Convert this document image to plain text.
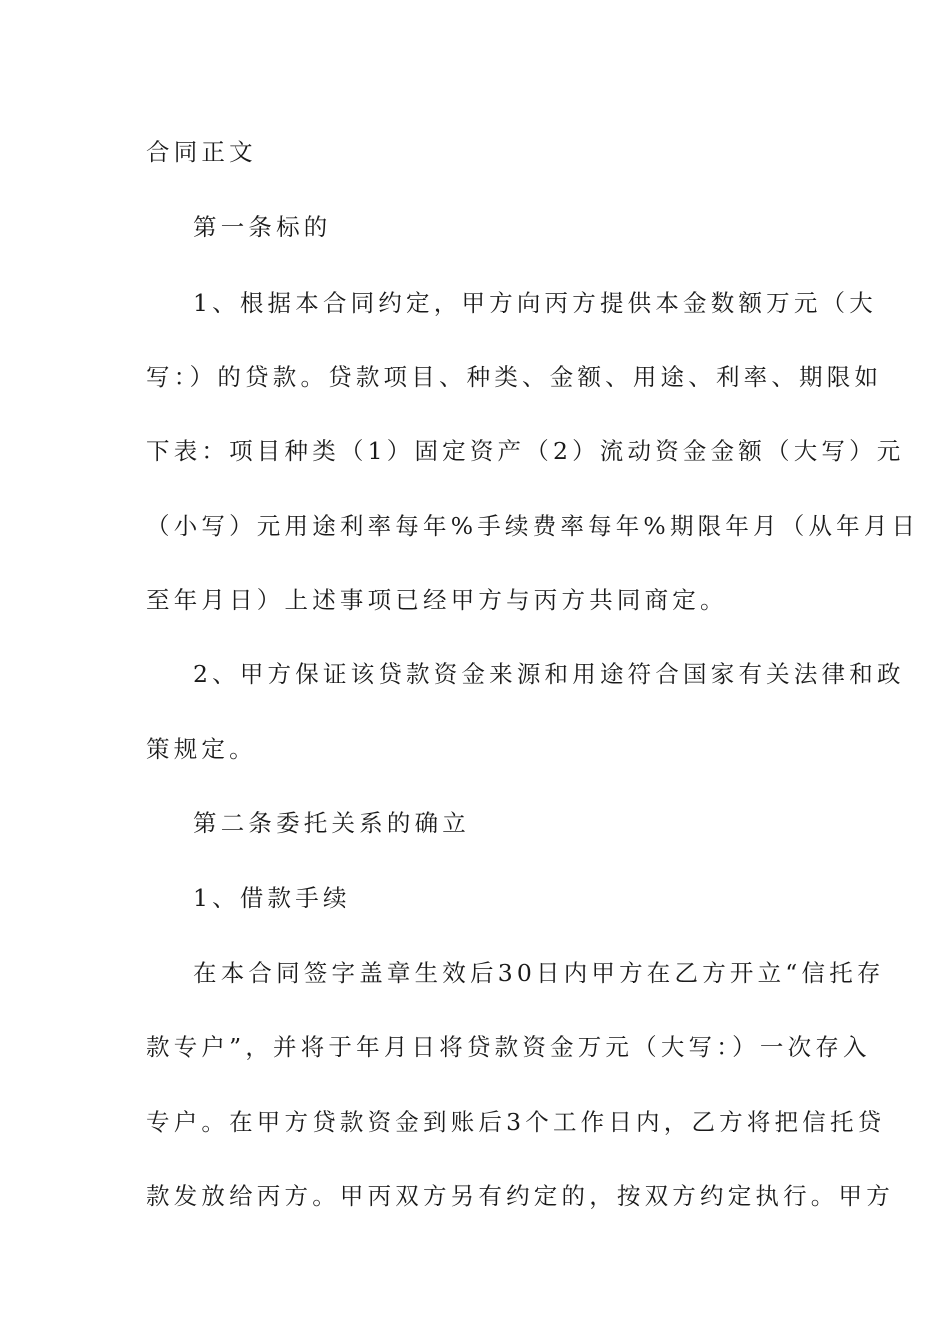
合同正文
第一条标的
1、根据本合同约定，甲方向丙方提供本金数额万元（大
写：）的贷款。贷款项目、种类、金额、用途、利率、期限如
下表：项目种类（1）固定资产（2）流动资金金额（大写）元
（小写）元用途利率每年%手续费率每年%期限年月（从年月日
至年月日）上述事项已经甲方与丙方共同商定。
2、甲方保证该贷款资金来源和用途符合国家有关法律和政
策规定。
第二条委托关系的确立
1、借款手续
在本合同签字盖章生效后30日内甲方在乙方开立“信托存
款专户”，并将于年月日将贷款资金万元（大写：）一次存入
专户。在甲方贷款资金到账后3个工作日内，乙方将把信托贷
款发放给丙方。甲丙双方另有约定的，按双方约定执行。甲方
